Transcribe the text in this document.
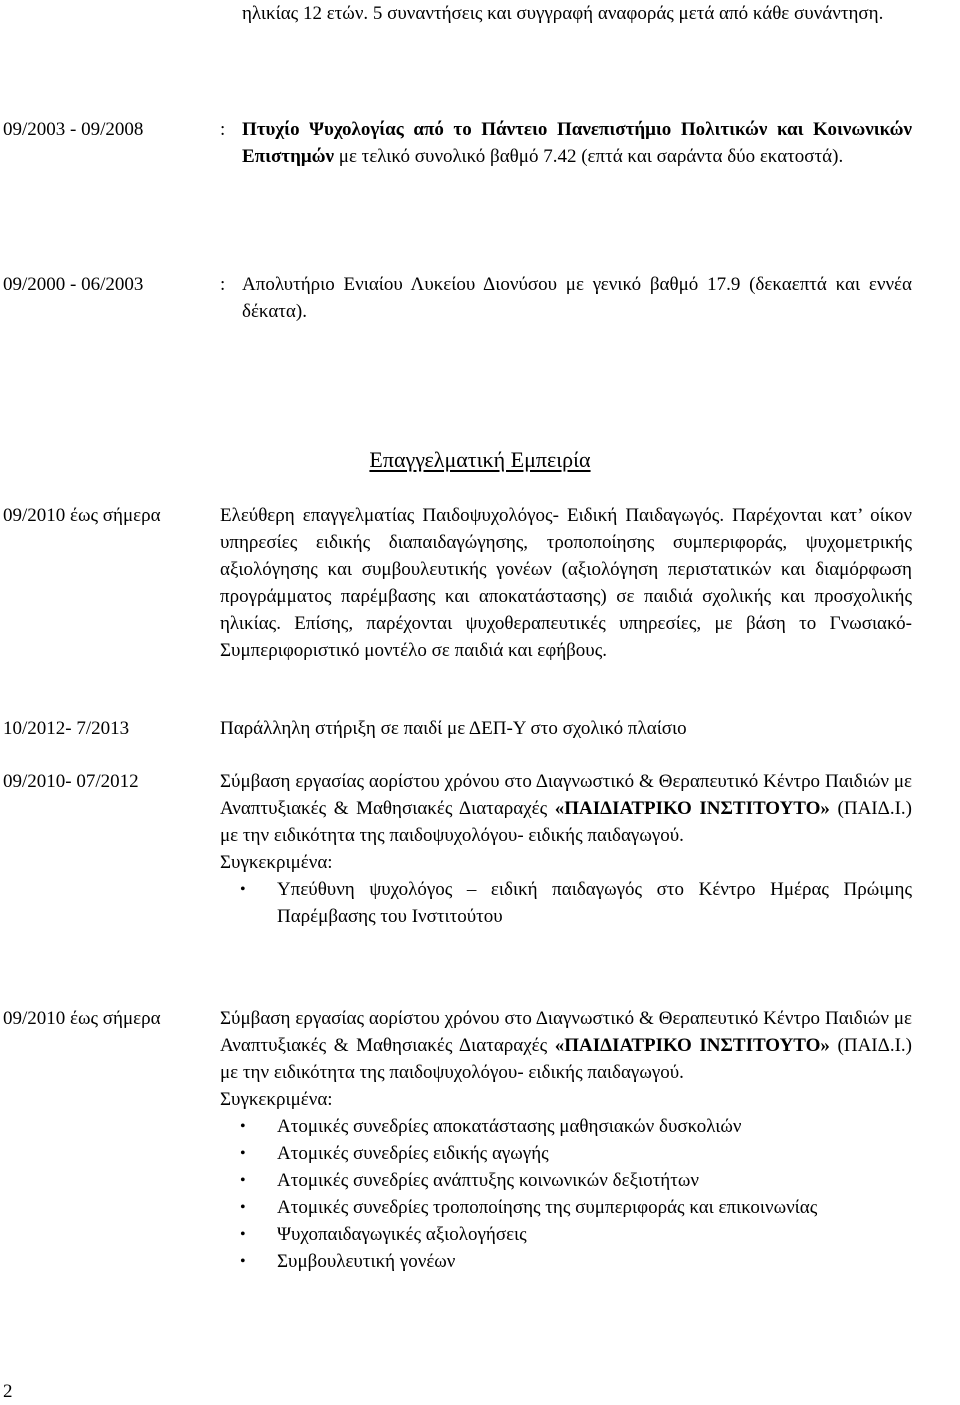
ηλικίας 12 ετών. 5 συναντήσεις και συγγραφή αναφοράς μετά από κάθε συνάντηση.
09/2003 - 09/2008	: Πτυχίο Ψυχολογίας από το Πάντειο Πανεπιστήμιο Πολιτικών και Κοινωνικών Επιστημών με τελικό συνολικό βαθμό 7.42 (επτά και σαράντα δύο εκατοστά).
09/2000 - 06/2003	: Απολυτήριο Ενιαίου Λυκείου Διονύσου με γενικό βαθμό 17.9 (δεκαεπτά και εννέα δέκατα).
Επαγγελματική Εμπειρία
09/2010 έως σήμερα	Ελεύθερη επαγγελματίας Παιδοψυχολόγος- Ειδική Παιδαγωγός. Παρέχονται κατ’ οίκον υπηρεσίες ειδικής διαπαιδαγώγησης, τροποποίησης συμπεριφοράς, ψυχομετρικής αξιολόγησης και συμβουλευτικής γονέων (αξιολόγηση περιστατικών και διαμόρφωση προγράμματος παρέμβασης και αποκατάστασης) σε παιδιά σχολικής και προσχολικής ηλικίας. Επίσης, παρέχονται ψυχοθεραπευτικές υπηρεσίες, με βάση το Γνωσιακό-Συμπεριφοριστικό μοντέλο σε παιδιά και εφήβους.
10/2012- 7/2013	Παράλληλη στήριξη σε παιδί με ΔΕΠ-Υ στο σχολικό πλαίσιο
09/2010- 07/2012	Σύμβαση εργασίας αορίστου χρόνου στο Διαγνωστικό & Θεραπευτικό Κέντρο Παιδιών με Αναπτυξιακές & Μαθησιακές Διαταραχές «ΠΑΙΔΙΑΤΡΙΚΟ ΙΝΣΤΙΤΟΥΤΟ» (ΠΑΙΔ.Ι.) με την ειδικότητα της παιδοψυχολόγου- ειδικής παιδαγωγού.
Συγκεκριμένα:
• Υπεύθυνη ψυχολόγος – ειδική παιδαγωγός στο Κέντρο Ημέρας Πρώιμης Παρέμβασης του Ινστιτούτου
09/2010 έως σήμερα	Σύμβαση εργασίας αορίστου χρόνου στο Διαγνωστικό & Θεραπευτικό Κέντρο Παιδιών με Αναπτυξιακές & Μαθησιακές Διαταραχές «ΠΑΙΔΙΑΤΡΙΚΟ ΙΝΣΤΙΤΟΥΤΟ» (ΠΑΙΔ.Ι.) με την ειδικότητα της παιδοψυχολόγου- ειδικής παιδαγωγού.
Συγκεκριμένα:
• Ατομικές συνεδρίες αποκατάστασης μαθησιακών δυσκολιών
• Ατομικές συνεδρίες ειδικής αγωγής
• Ατομικές συνεδρίες ανάπτυξης κοινωνικών δεξιοτήτων
• Ατομικές συνεδρίες τροποποίησης της συμπεριφοράς και επικοινωνίας
• Ψυχοπαιδαγωγικές αξιολογήσεις
• Συμβουλευτική γονέων
2
